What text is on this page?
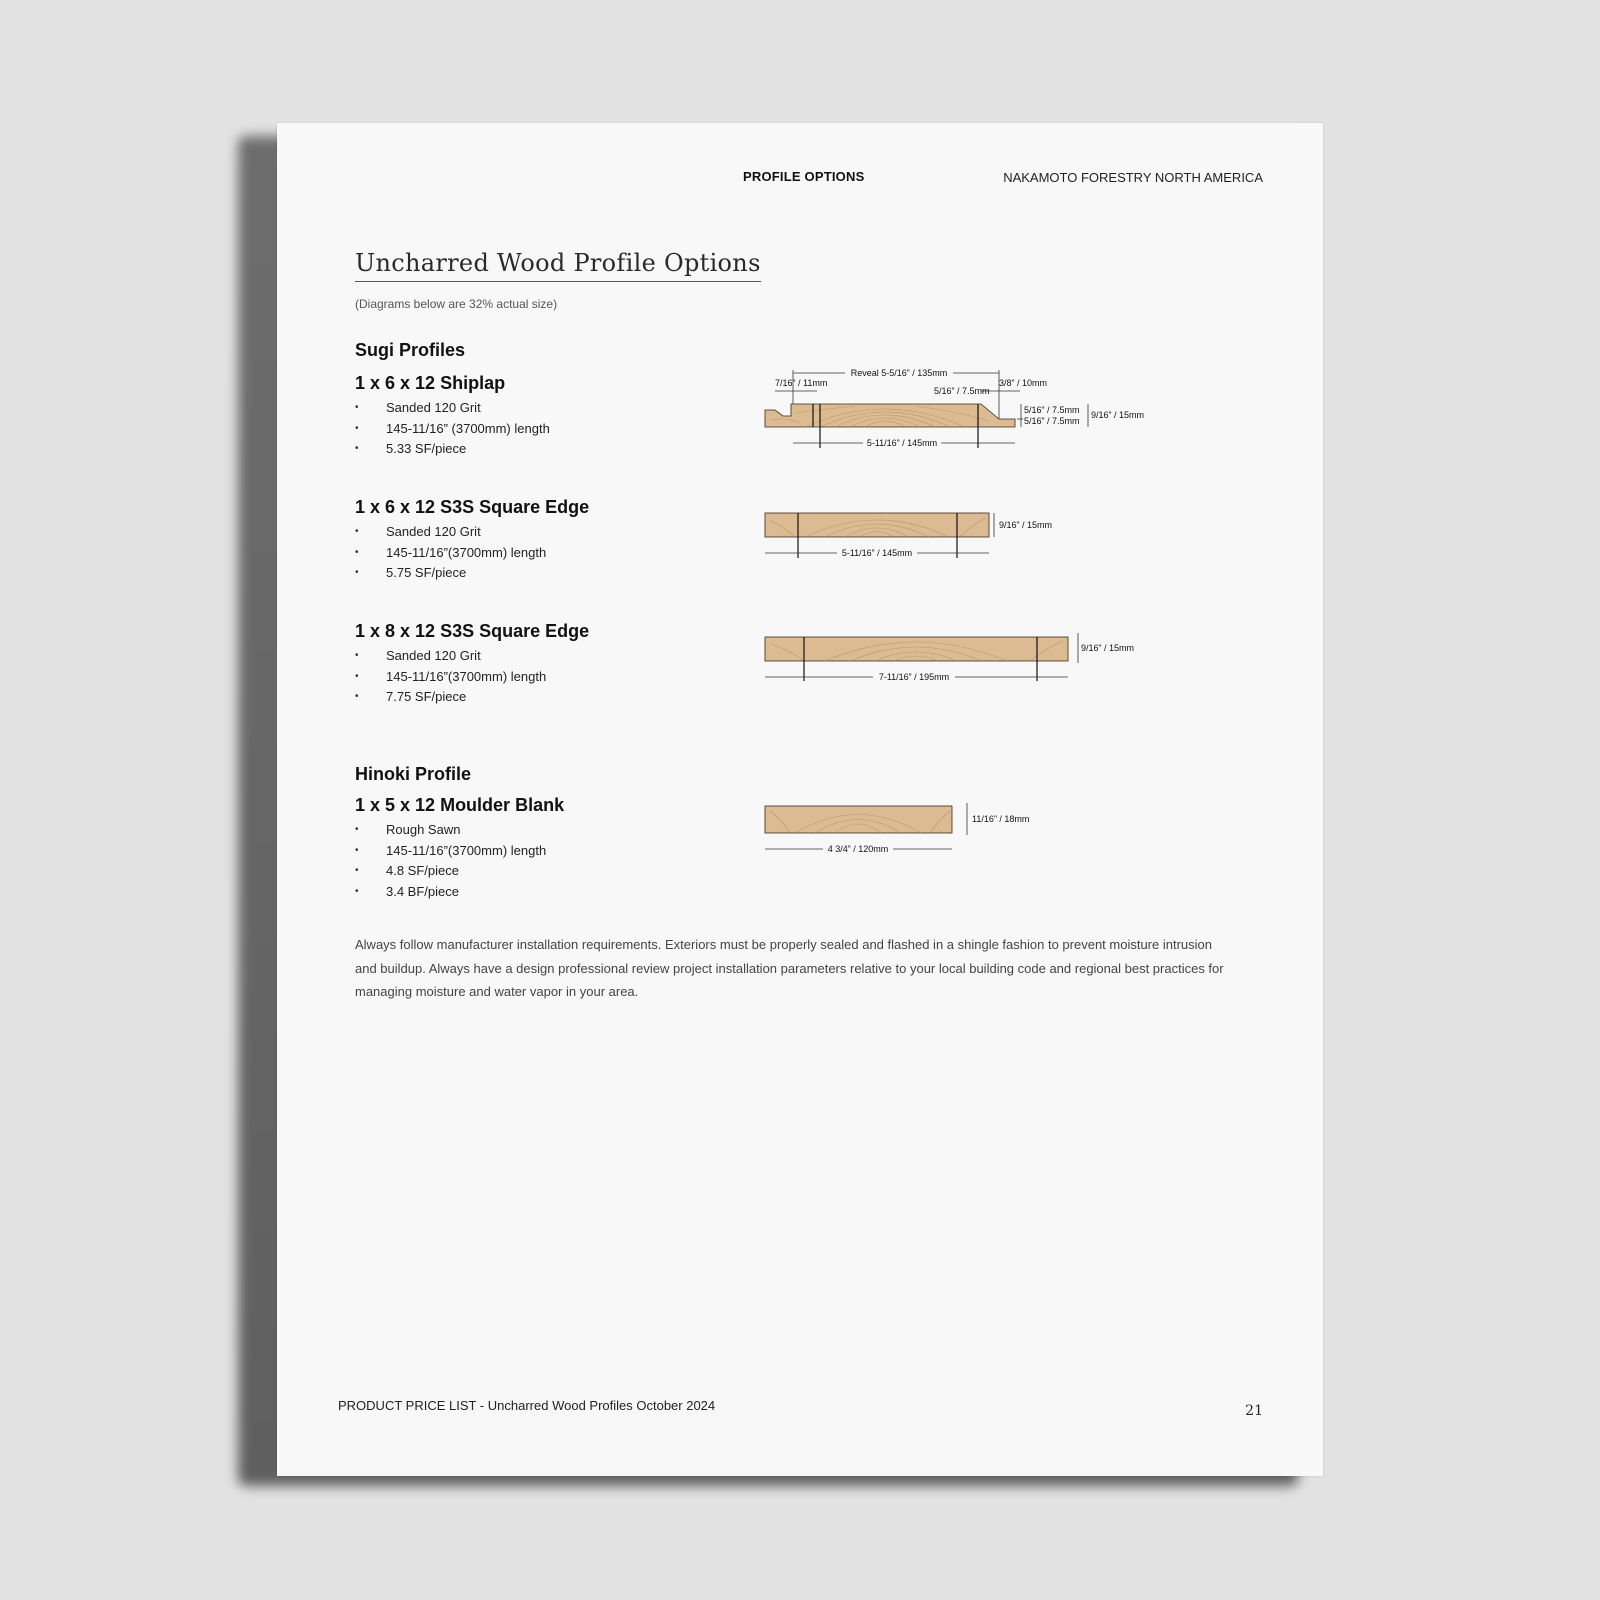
PROFILE OPTIONS	NAKAMOTO FORESTRY NORTH AMERICA
Uncharred Wood Profile Options
(Diagrams below are 32% actual size)
Sugi Profiles
1 x 6 x 12 Shiplap
• Sanded 120 Grit
• 145-11/16” (3700mm) length
• 5.33 SF/piece
1 x 6 x 12 S3S Square Edge
• Sanded 120 Grit
• 145-11/16”(3700mm) length
• 5.75 SF/piece
1 x 8 x 12 S3S Square Edge
• Sanded 120 Grit
• 145-11/16”(3700mm) length
• 7.75 SF/piece
Hinoki Profile
1 x 5 x 12 Moulder Blank
• Rough Sawn
• 145-11/16”(3700mm) length
• 4.8 SF/piece
• 3.4 BF/piece
Reveal 5-5/16” / 135mm
7/16” / 11mm	3/8” / 10mm
5/16” / 7.5mm
5/16” / 7.5mm
5/16” / 7.5mm
9/16” / 15mm
5-11/16” / 145mm
9/16” / 15mm
5-11/16” / 145mm
9/16” / 15mm
7-11/16” / 195mm
11/16” / 18mm
4 3/4” / 120mm
Always follow manufacturer installation requirements. Exteriors must be properly sealed and flashed in a shingle fashion to prevent moisture intrusion and buildup. Always have a design professional review project installation parameters relative to your local building code and regional best practices for managing moisture and water vapor in your area.
PRODUCT PRICE LIST - Uncharred Wood Profiles October 2024	21
